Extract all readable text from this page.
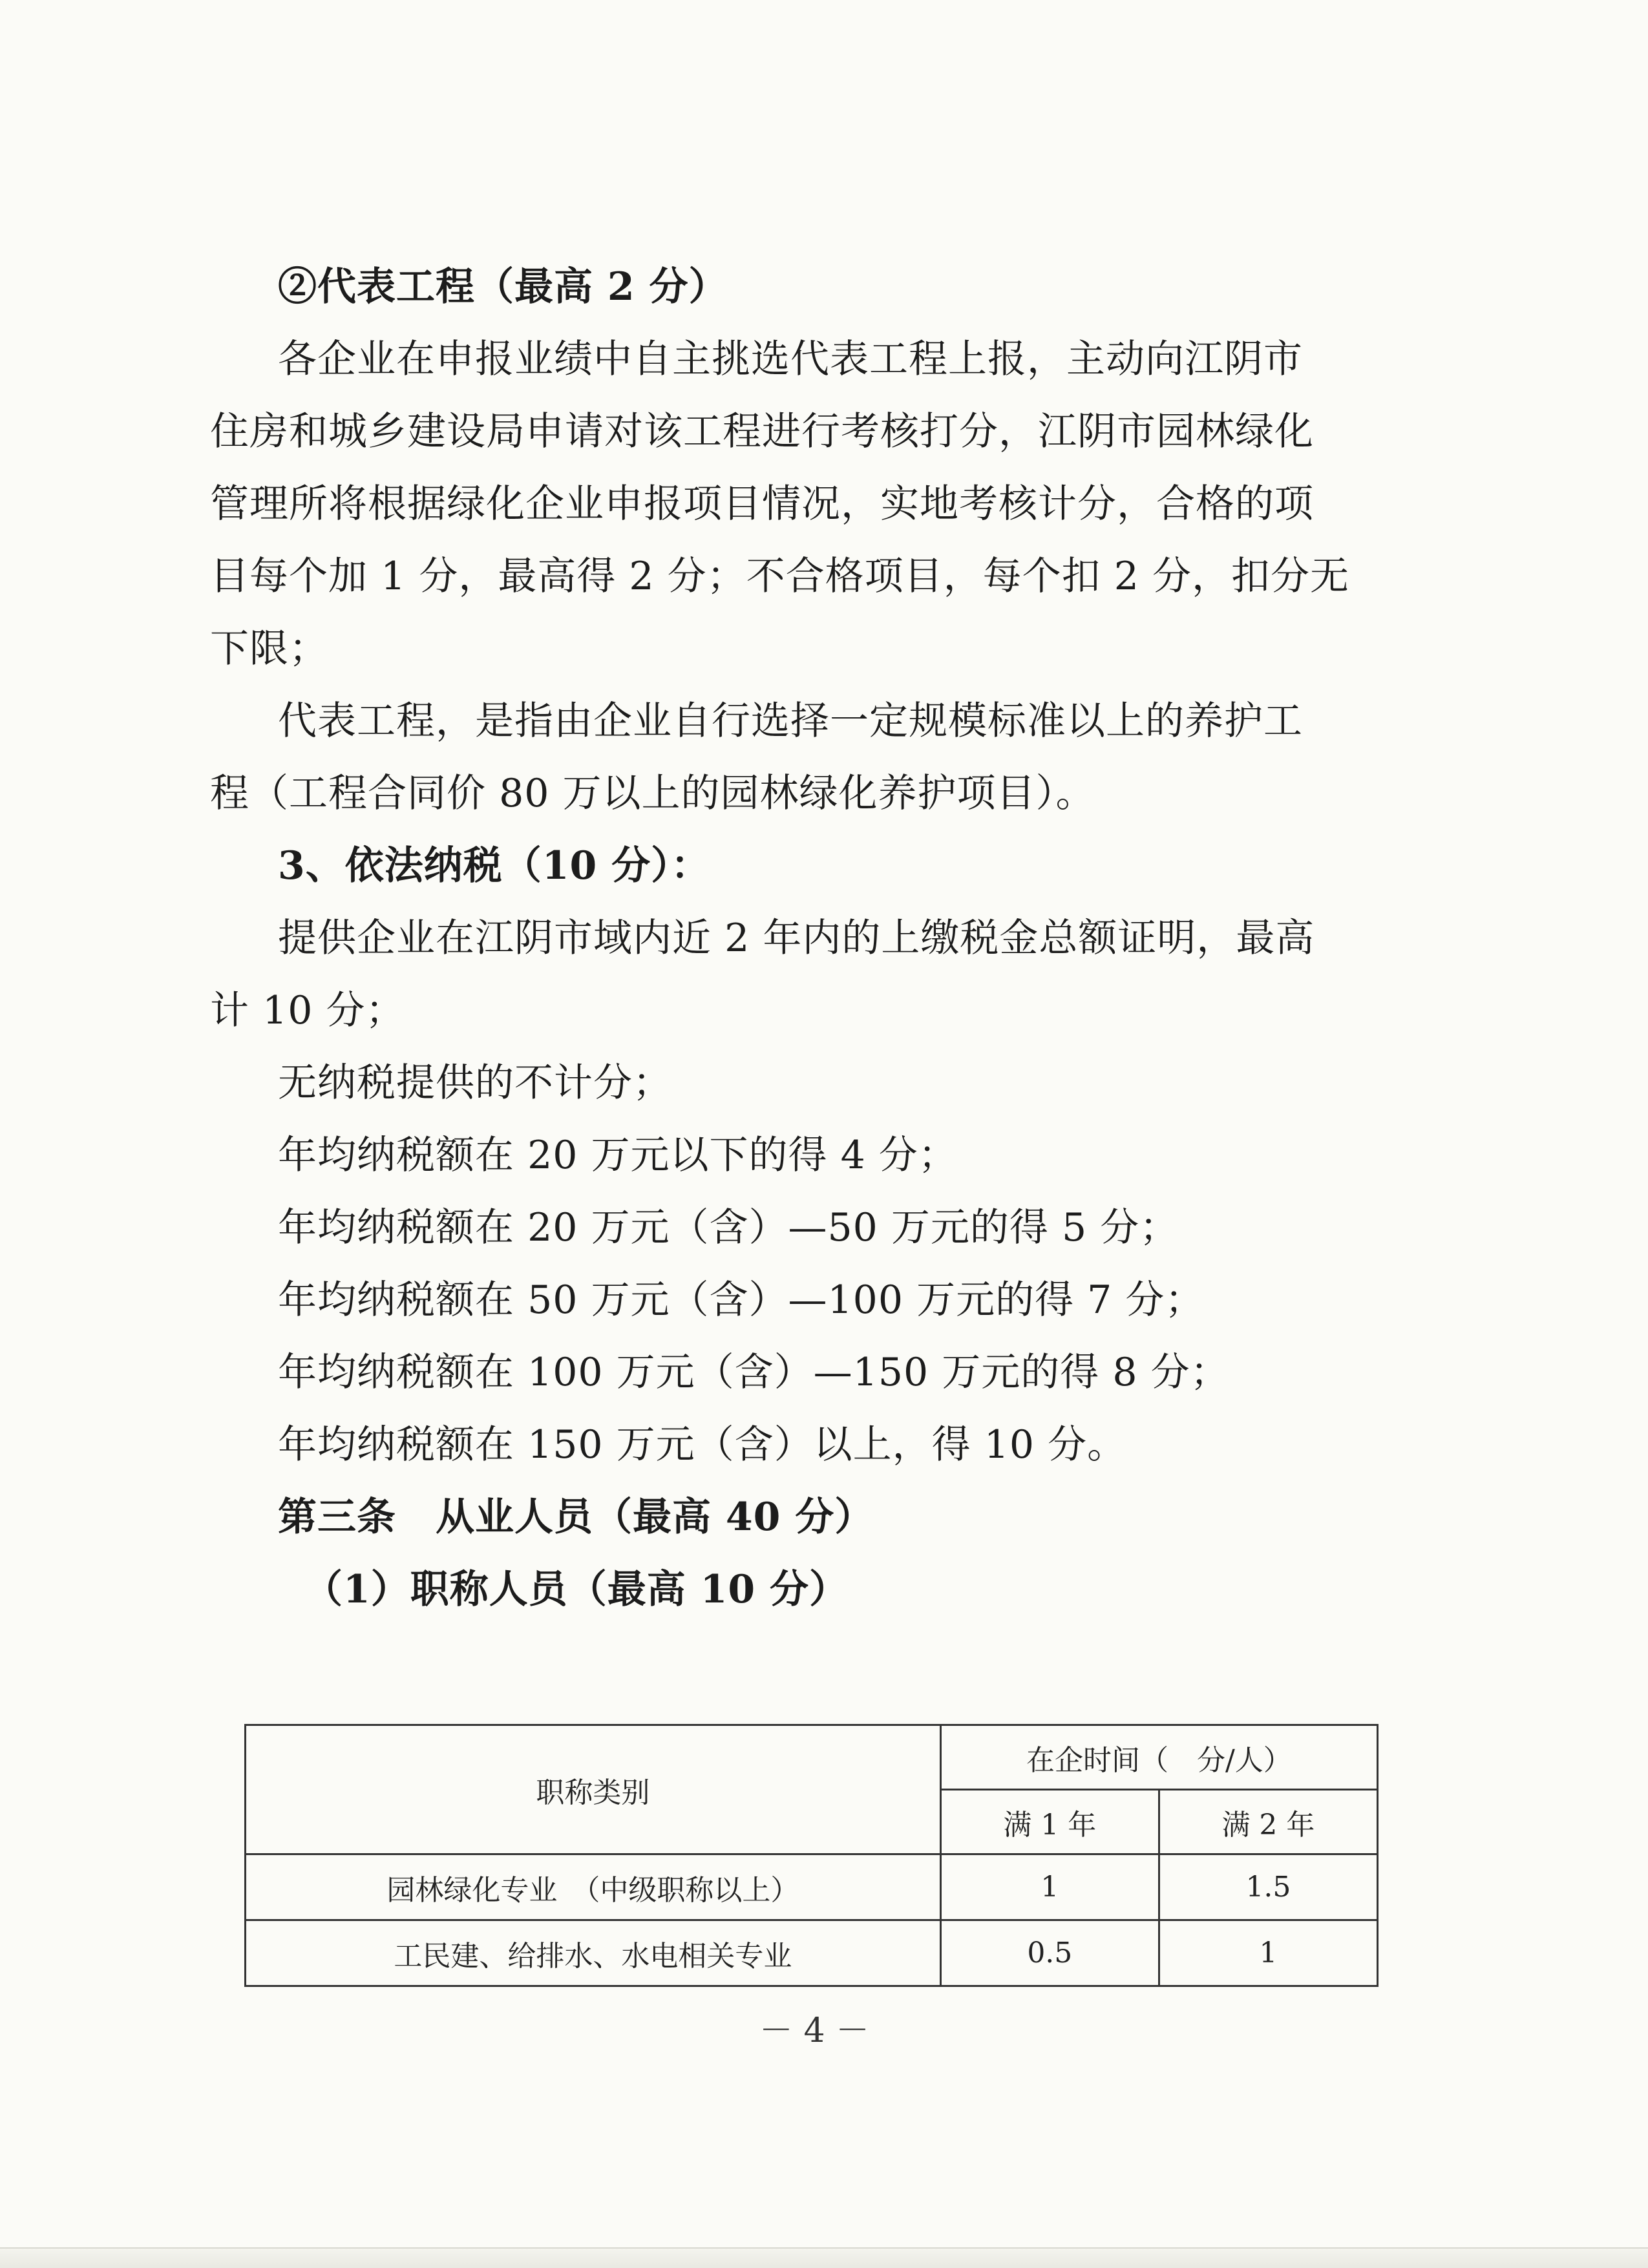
②代表工程（最高 2 分）
各企业在申报业绩中自主挑选代表工程上报，主动向江阴市
住房和城乡建设局申请对该工程进行考核打分，江阴市园林绿化
管理所将根据绿化企业申报项目情况，实地考核计分，合格的项
目每个加 1 分，最高得 2 分；不合格项目，每个扣 2 分，扣分无
下限；
代表工程，是指由企业自行选择一定规模标准以上的养护工
程（工程合同价 80 万以上的园林绿化养护项目）。
3、依法纳税（10 分）：
提供企业在江阴市域内近 2 年内的上缴税金总额证明，最高
计 10 分；
无纳税提供的不计分；
年均纳税额在 20 万元以下的得 4 分；
年均纳税额在 20 万元（含）—50 万元的得 5 分；
年均纳税额在 50 万元（含）—100 万元的得 7 分；
年均纳税额在 100 万元（含）—150 万元的得 8 分；
年均纳税额在 150 万元（含）以上，得 10 分。
第三条　从业人员（最高 40 分）
（1）职称人员（最高 10 分）
职称类别	在企时间（　分/人）	
	满 1 年	满 2 年
园林绿化专业　（中级职称以上）	1	1.5
工民建、给排水、水电相关专业	0.5	1
－ 4 －
